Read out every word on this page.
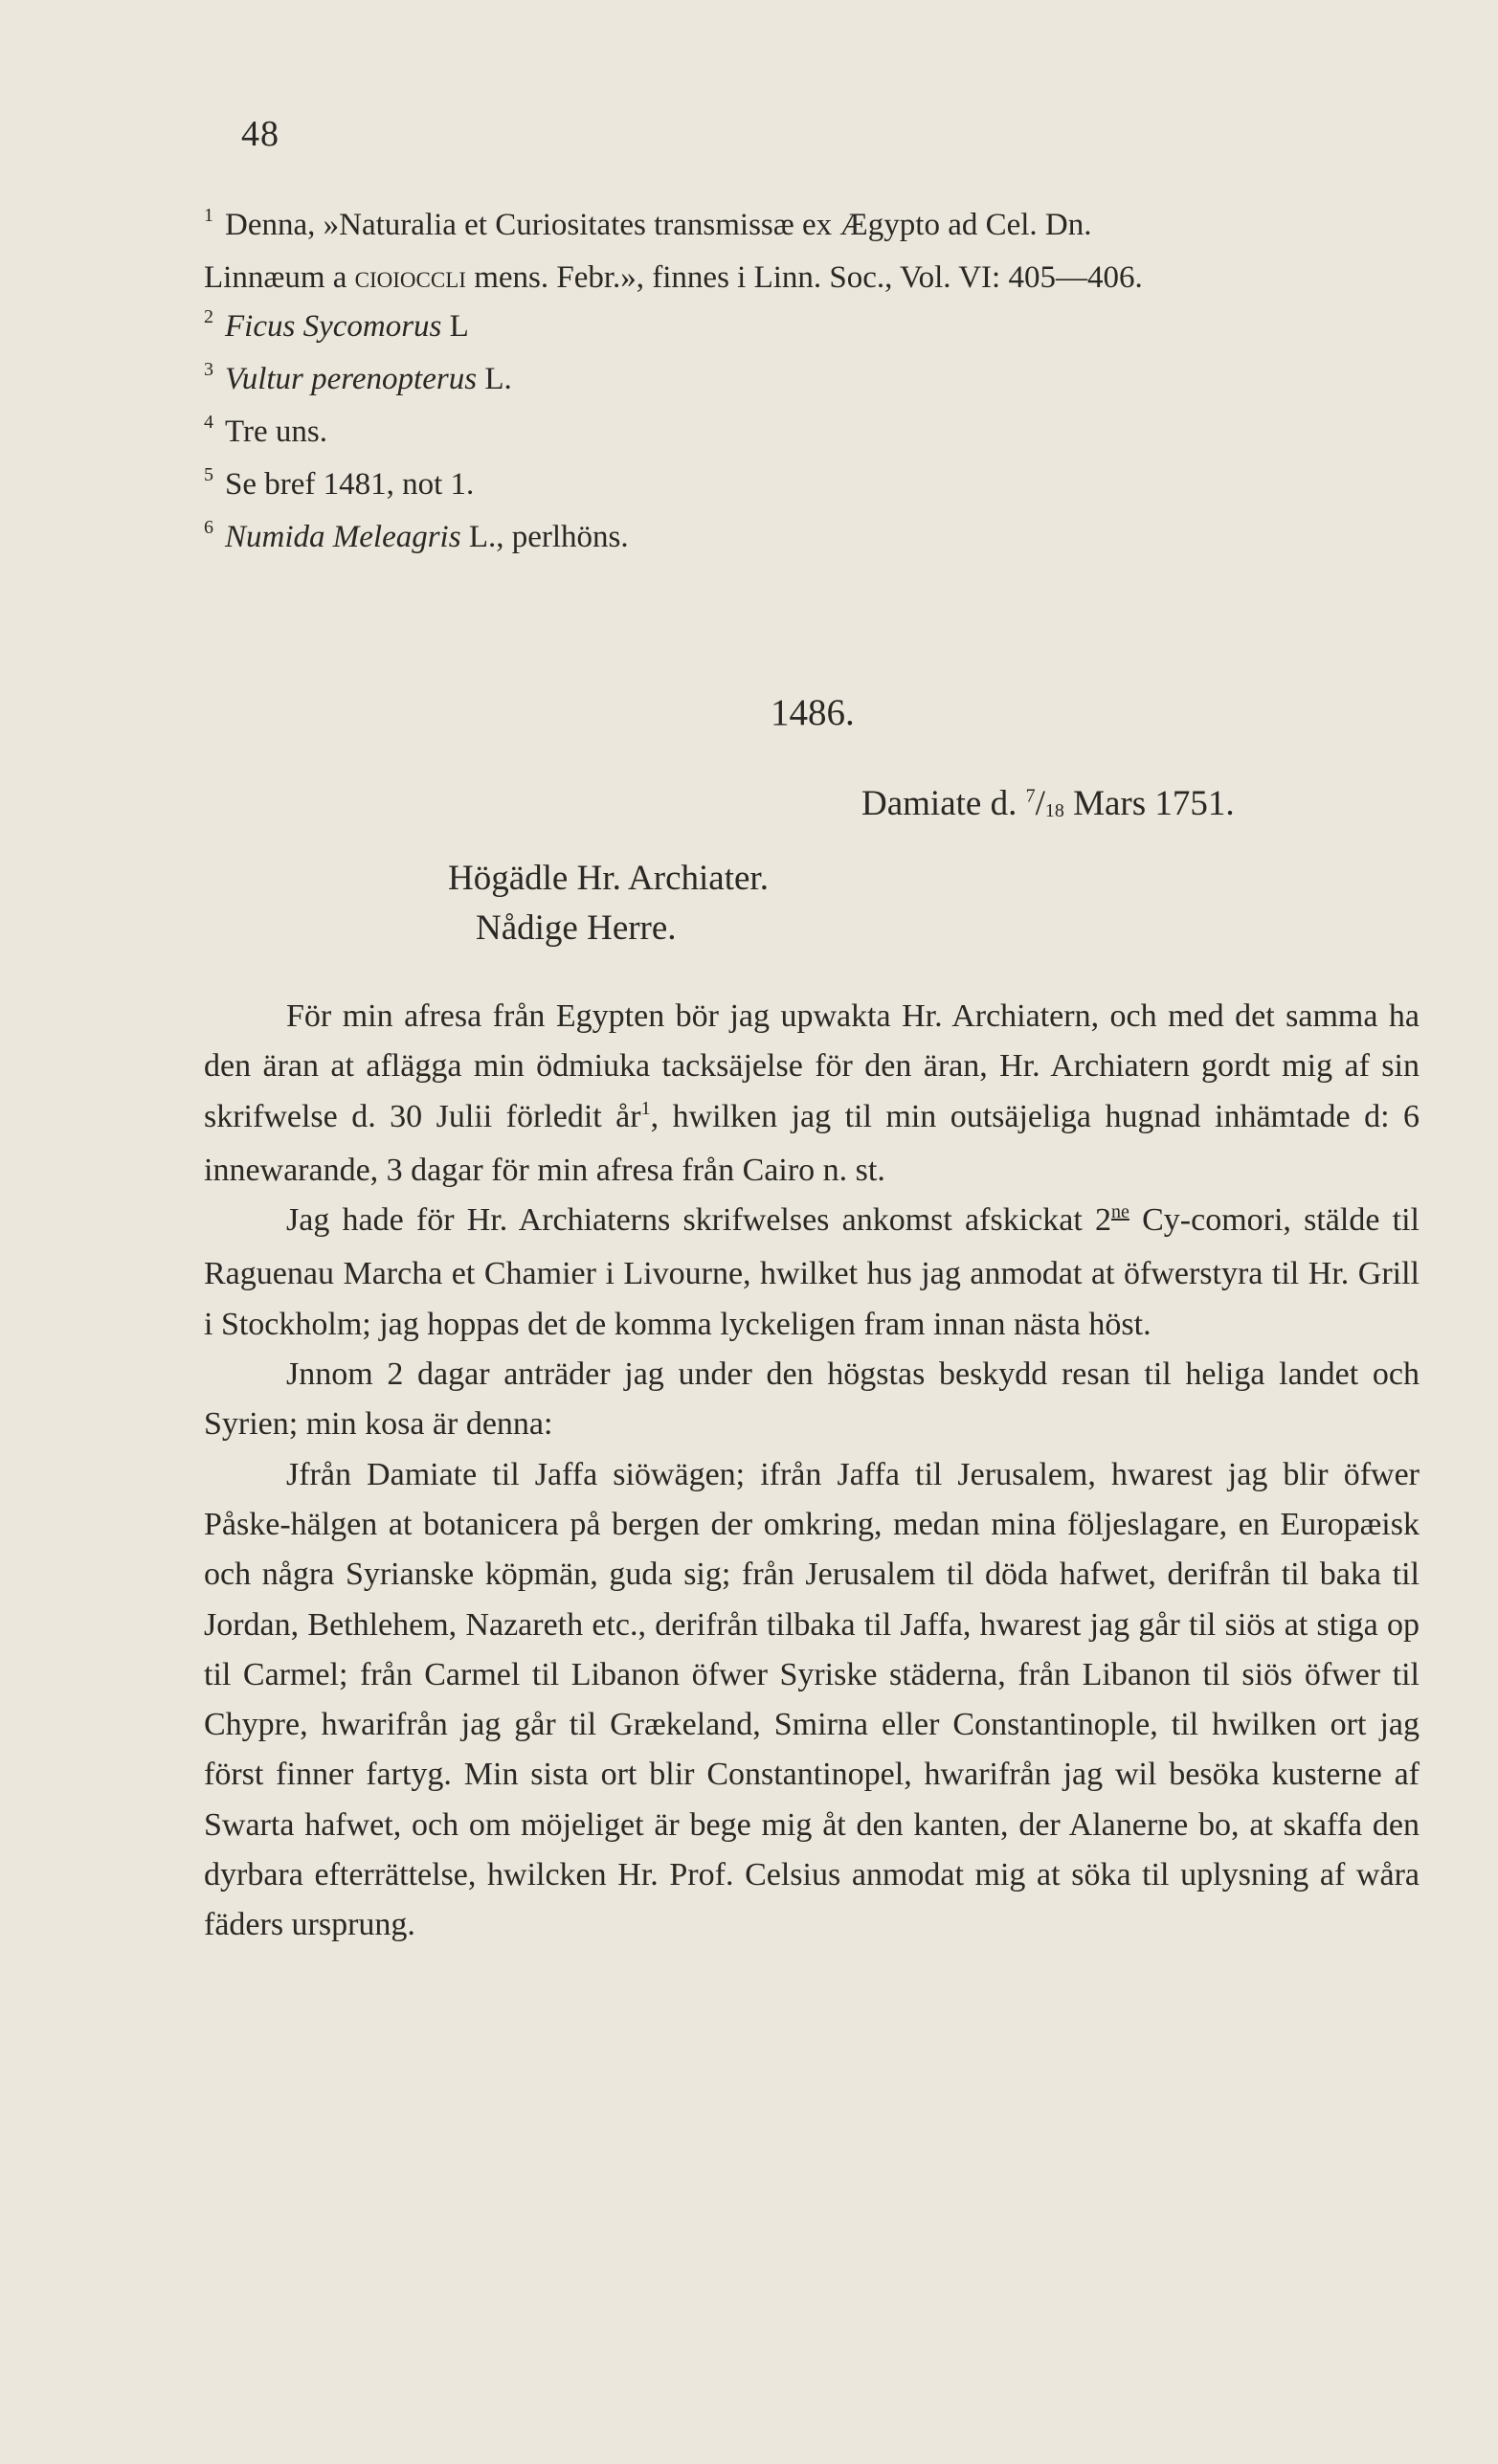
48
$^1$ Denna, »Naturalia et Curiositates transmissæ ex Ægypto ad Cel. Dn.
Linnæum a cioioccli mens. Febr.», finnes i Linn. Soc., Vol. VI: 405—406.
$^2$ Ficus Sycomorus L
$^3$ Vultur perenopterus L.
$^4$ Tre uns.
$^5$ Se bref 1481, not 1.
$^6$ Numida Meleagris L., perlhöns.
1486.
Damiate d. $^7/_{18}$ Mars 1751.
Högädle Hr. Archiater.
Nådige Herre.

För min afresa från Egypten bör jag upwakta Hr. Archiatern, och med det samma ha den äran at aflägga min ödmiuka tacksäjelse för den äran, Hr. Archiatern gordt mig af sin skrifwelse d. 30 Julii förledit $år^1$, hwilken jag til min outsäjeliga hugnad inhämtade d: 6 innewarande, 3 dagar för min afresa från Cairo n. st.

Jag hade för Hr. Archiaterns skrifwelses ankomst afskickat $2^{ne}$ Cy-comori, stälde til Raguenau Marcha et Chamier i Livourne, hwilket hus jag anmodat at öfwerstyra til Hr. Grill i Stockholm; jag hoppas det de komma lyckeligen fram innan nästa höst.

Jnnom 2 dagar anträder jag under den högstas beskydd resan til heliga landet och Syrien; min kosa är denna:

Jfrån Damiate til Jaffa siöwägen; ifrån Jaffa til Jerusalem, hwarest jag blir öfwer Påske-hälgen at botanicera på bergen der omkring, medan mina följeslagare, en Europæisk och några Syrianske köpmän, guda sig; från Jerusalem til döda hafwet, derifrån til baka til Jordan, Bethlehem, Nazareth etc., derifrån tilbaka til Jaffa, hwarest jag går til siös at stiga op til Carmel; från Carmel til Libanon öfwer Syriske städerna, från Libanon til siös öfwer til Chypre, hwarifrån jag går til Grækeland, Smirna eller Constantinople, til hwilken ort jag först finner fartyg. Min sista ort blir Constantinopel, hwarifrån jag wil besöka kusterne af Swarta hafwet, och om möjeliget är bege mig åt den kanten, der Alanerne bo, at skaffa den dyrbara efterrättelse, hwilcken Hr. Prof. Celsius anmodat mig at söka til uplysning af wåra fäders ursprung.
